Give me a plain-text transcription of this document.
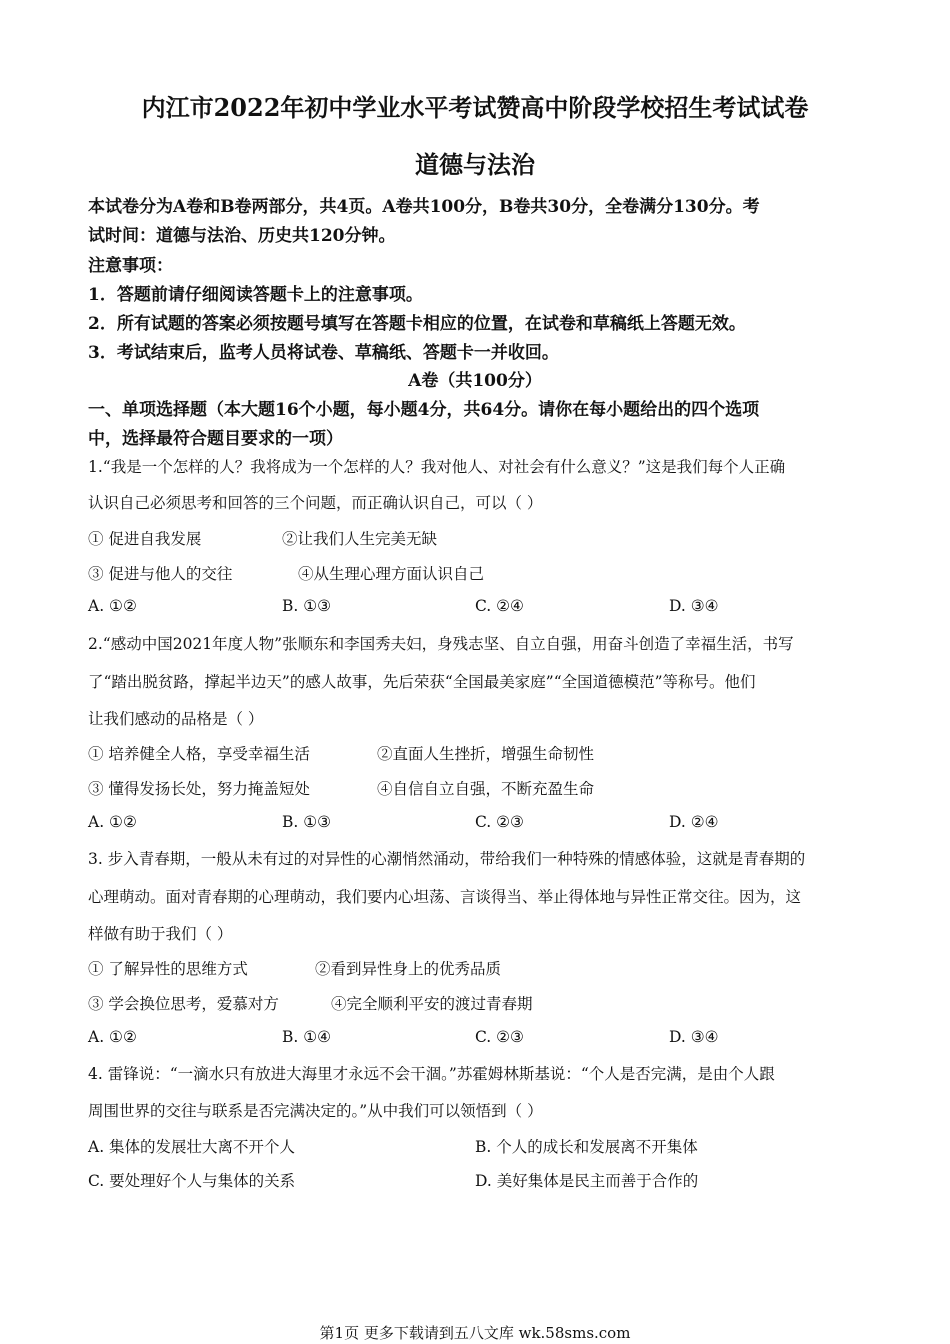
内江市2022年初中学业水平考试赞高中阶段学校招生考试试卷
道德与法治
本试卷分为A卷和B卷两部分，共4页。A卷共100分，B卷共30分，全卷满分130分。考
试时间：道德与法治、历史共120分钟。
注意事项：
1．答题前请仔细阅读答题卡上的注意事项。
2．所有试题的答案必须按题号填写在答题卡相应的位置，在试卷和草稿纸上答题无效。
3．考试结束后，监考人员将试卷、草稿纸、答题卡一并收回。
A卷（共100分）
一、单项选择题（本大题16个小题，每小题4分，共64分。请你在每小题给出的四个选项
中，选择最符合题目要求的一项）
1.“我是一个怎样的人？我将成为一个怎样的人？我对他人、对社会有什么意义？”这是我们每个人正确
认识自己必须思考和回答的三个问题，而正确认识自己，可以（ ）
① 促进自我发展	②让我们人生完美无缺
③ 促进与他人的交往	④从生理心理方面认识自己
A. ①②	B. ①③	C. ②④	D. ③④
2.“感动中国2021年度人物”张顺东和李国秀夫妇，身残志坚、自立自强，用奋斗创造了幸福生活，书写
了“踏出脱贫路，撑起半边天”的感人故事，先后荣获“全国最美家庭”“全国道德模范”等称号。他们
让我们感动的品格是（ ）
① 培养健全人格，享受幸福生活	②直面人生挫折，增强生命韧性
③ 懂得发扬长处，努力掩盖短处	④自信自立自强，不断充盈生命
A. ①②	B. ①③	C. ②③	D. ②④
3. 步入青春期，一般从未有过的对异性的心潮悄然涌动，带给我们一种特殊的情感体验，这就是青春期的
心理萌动。面对青春期的心理萌动，我们要内心坦荡、言谈得当、举止得体地与异性正常交往。因为，这
样做有助于我们（ ）
① 了解异性的思维方式	②看到异性身上的优秀品质
③ 学会换位思考，爱慕对方	④完全顺利平安的渡过青春期
A. ①②	B. ①④	C. ②③	D. ③④
4. 雷锋说：“一滴水只有放进大海里才永远不会干涸。”苏霍姆林斯基说：“个人是否完满，是由个人跟
周围世界的交往与联系是否完满决定的。”从中我们可以领悟到（ ）
A. 集体的发展壮大离不开个人	B. 个人的成长和发展离不开集体
C. 要处理好个人与集体的关系	D. 美好集体是民主而善于合作的
第1页 更多下载请到五八文库 wk.58sms.com
